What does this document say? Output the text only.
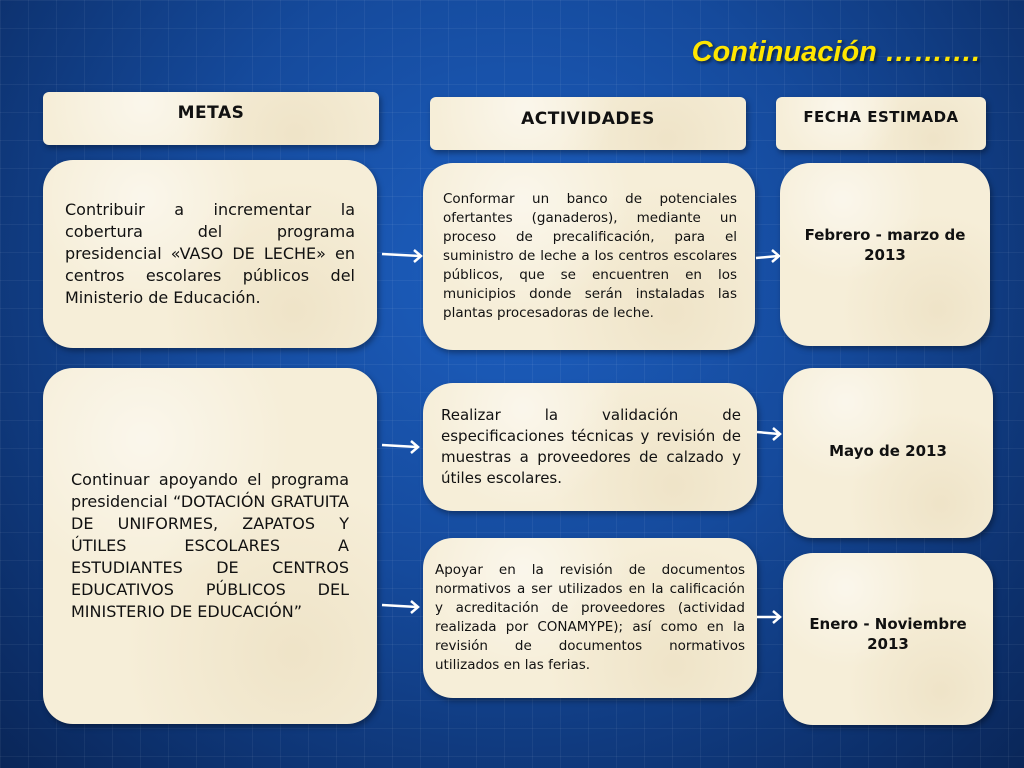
Continuación ……….
METAS	ACTIVIDADES	FECHA ESTIMADA
Contribuir a incrementar la cobertura del programa presidencial «VASO DE LECHE» en centros escolares públicos del Ministerio de Educación.
Continuar apoyando el programa presidencial “DOTACIÓN GRATUITA DE UNIFORMES, ZAPATOS Y ÚTILES ESCOLARES A ESTUDIANTES DE CENTROS EDUCATIVOS PÚBLICOS DEL MINISTERIO DE EDUCACIÓN”
Conformar un banco de potenciales ofertantes (ganaderos), mediante un proceso de precalificación, para el suministro de leche a los centros escolares públicos, que se encuentren en los municipios donde serán instaladas las plantas procesadoras de leche.
Realizar la validación de especificaciones técnicas y revisión de muestras a proveedores de calzado y útiles escolares.
Apoyar en la revisión de documentos normativos a ser utilizados en la calificación y acreditación de proveedores (actividad realizada por CONAMYPE); así como en la revisión de documentos normativos utilizados en las ferias.
Febrero - marzo de 2013
Mayo de 2013
Enero - Noviembre 2013
